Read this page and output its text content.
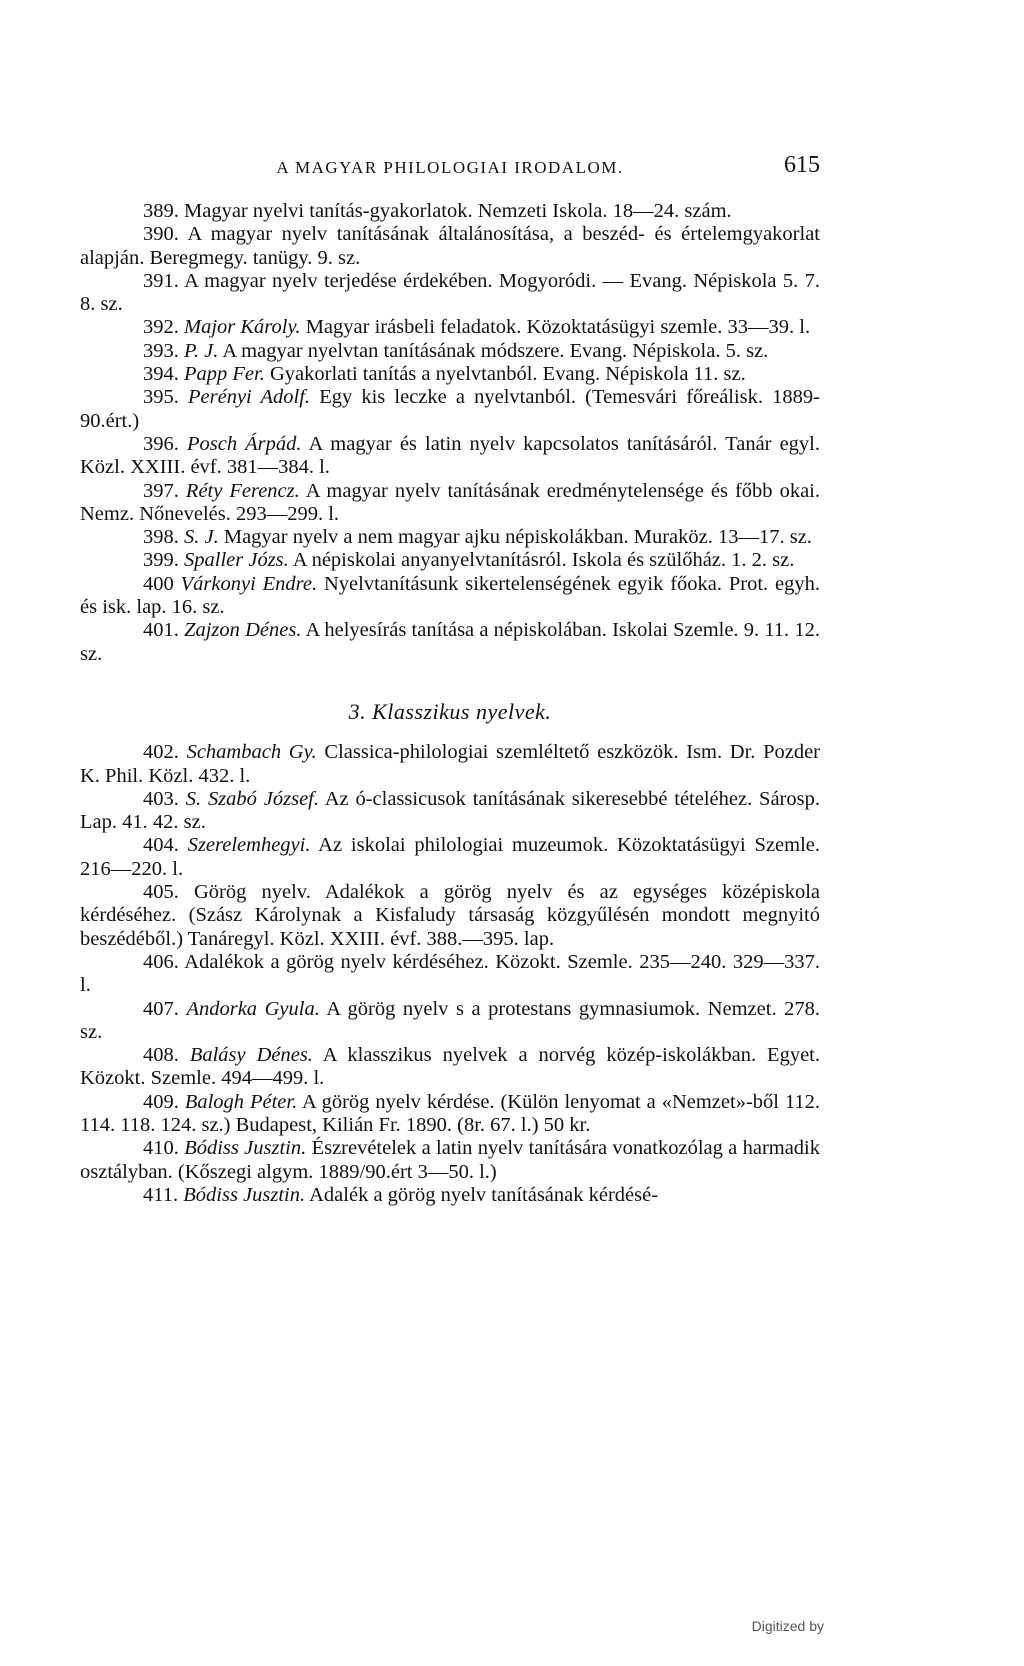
A MAGYAR PHILOLOGIAI IRODALOM.	615

389. Magyar nyelvi tanítás-gyakorlatok. Nemzeti Iskola. 18—24. szám.

390. A magyar nyelv tanításának általánosítása, a beszéd- és értelemgyakorlat alapján. Beregmegy. tanügy. 9. sz.

391. A magyar nyelv terjedése érdekében. Mogyoródi. — Evang. Népiskola 5. 7. 8. sz.

392. Major Károly. Magyar irásbeli feladatok. Közoktatásügyi szemle. 33—39. l.

393. P. J. A magyar nyelvtan tanításának módszere. Evang. Népiskola. 5. sz.

394. Papp Fer. Gyakorlati tanítás a nyelvtanból. Evang. Népiskola 11. sz.

395. Perényi Adolf. Egy kis leczke a nyelvtanból. (Temesvári főreálisk. 1889-90.ért.)

396. Posch Árpád. A magyar és latin nyelv kapcsolatos tanításáról. Tanár egyl. Közl. XXIII. évf. 381—384. l.

397. Réty Ferencz. A magyar nyelv tanításának eredménytelensége és főbb okai. Nemz. Nőnevelés. 293—299. l.

398. S. J. Magyar nyelv a nem magyar ajku népiskolákban. Muraköz. 13—17. sz.

399. Spaller Józs. A népiskolai anyanyelvtanításról. Iskola és szülőház. 1. 2. sz.

400 Várkonyi Endre. Nyelvtanításunk sikertelenségének egyik főoka. Prot. egyh. és isk. lap. 16. sz.

401. Zajzon Dénes. A helyesírás tanítása a népiskolában. Iskolai Szemle. 9. 11. 12. sz.

3. Klasszikus nyelvek.

402. Schambach Gy. Classica-philologiai szemléltető eszközök. Ism. Dr. Pozder K. Phil. Közl. 432. l.

403. S. Szabó József. Az ó-classicusok tanításának sikeresebbé tételéhez. Sárosp. Lap. 41. 42. sz.

404. Szerelemhegyi. Az iskolai philologiai muzeumok. Közoktatásügyi Szemle. 216—220. l.

405. Görög nyelv. Adalékok a görög nyelv és az egységes középiskola kérdéséhez. (Szász Károlynak a Kisfaludy társaság közgyűlésén mondott megnyitó beszédéből.) Tanáregyl. Közl. XXIII. évf. 388.—395. lap.

406. Adalékok a görög nyelv kérdéséhez. Közokt. Szemle. 235—240. 329—337. l.

407. Andorka Gyula. A görög nyelv s a protestans gymnasiumok. Nemzet. 278. sz.

408. Balásy Dénes. A klasszikus nyelvek a norvég közép-iskolákban. Egyet. Közokt. Szemle. 494—499. l.

409. Balogh Péter. A görög nyelv kérdése. (Külön lenyomat a «Nemzet»-ből 112. 114. 118. 124. sz.) Budapest, Kilián Fr. 1890. (8r. 67. l.) 50 kr.

410. Bódiss Jusztin. Észrevételek a latin nyelv tanítására vonatkozólag a harmadik osztályban. (Kőszegi algym. 1889/90.ért 3—50. l.)

411. Bódiss Jusztin. Adalék a görög nyelv tanításának kérdésé-

Digitized by
